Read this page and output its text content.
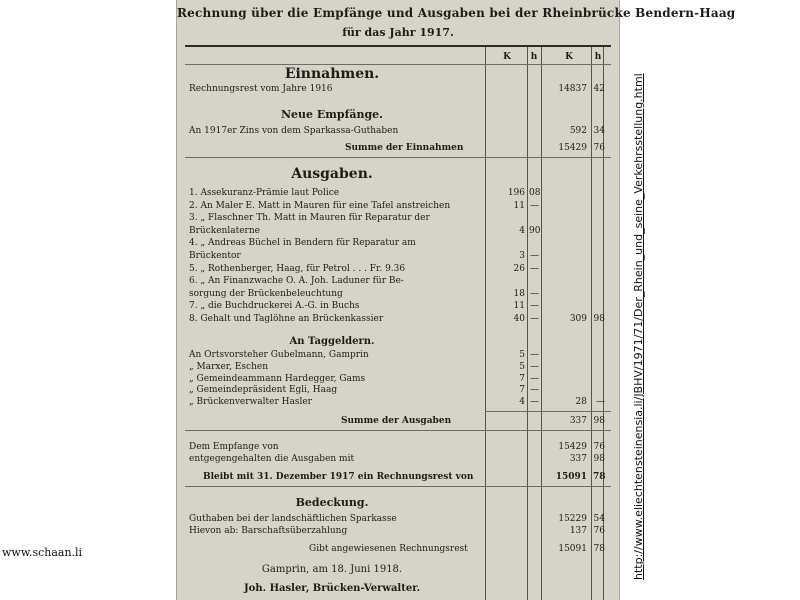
Rechnung über die Empfänge und Ausgaben bei der Rheinbrücke Bendern-Haag
für das Jahr 1917.
K	h	K	h
Einnahmen.
Rechnungsrest vom Jahre 1916	14837 42
Neue Empfänge.
An 1917er Zins von dem Sparkassa-Guthaben	592 34
Summe der Einnahmen	15429 76
Ausgaben.
1. Assekuranz-Prämie laut Police	196 08
2. An Maler E. Matt in Mauren für eine Tafel anstreichen	11 —
3. „ Flaschner Th. Matt in Mauren für Reparatur der
Brückenlaterne	4 90
4. „ Andreas Büchel in Bendern für Reparatur am
Brückentor	3 —
5. „ Rothenberger, Haag, für Petrol . . . Fr. 9.36	26 —
6. „ An Finanzwache O. A. Joh. Laduner für Be-
sorgung der Brückenbeleuchtung	18 —
7. „ die Buchdruckerei A.-G. in Buchs	11 —
8. Gehalt und Taglöhne an Brückenkassier	40 —	309 98
An Taggeldern.
An Ortsvorsteher Gubelmann, Gamprin	5 —
„ Marxer, Eschen	5 —
„ Gemeindeammann Hardegger, Gams	7 —
„ Gemeindepräsident Egli, Haag	7 —
„ Brückenverwalter Hasler	4 —	28	—
Summe der Ausgaben	337 98
Dem Empfange von	15429 76
entgegengehalten die Ausgaben mit	337 98
Bleibt mit 31. Dezember 1917 ein Rechnungsrest von	15091 78
Bedeckung.
Guthaben bei der landschäftlichen Sparkasse	15229 54
Hievon ab: Barschaftsüberzahlung	137 76
Gibt angewiesenen Rechnungsrest	15091 78
Gamprin, am 18. Juni 1918.
Joh. Hasler, Brücken-Verwalter.
www.schaan.li	http://www.eliechtensteinensia.li/JBHV/1971/71/Der_Rhein_und_seine_Verkehrsstellung.html
